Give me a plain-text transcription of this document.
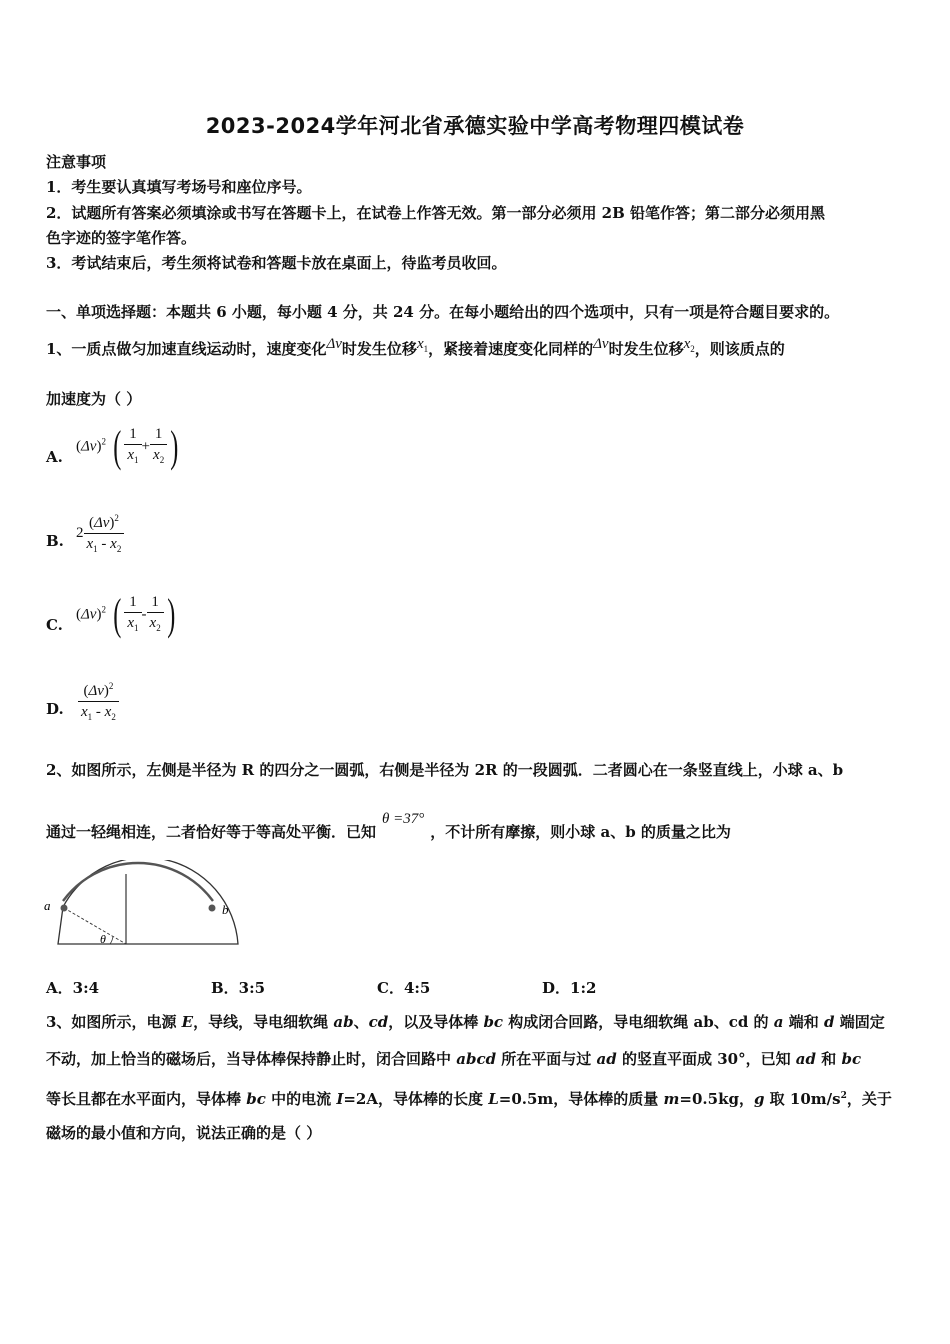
2023-2024学年河北省承德实验中学高考物理四模试卷
注意事项
1．考生要认真填写考场号和座位序号。
2．试题所有答案必须填涂或书写在答题卡上，在试卷上作答无效。第一部分必须用 2B 铅笔作答；第二部分必须用黑
色字迹的签字笔作答。
3．考试结束后，考生须将试卷和答题卡放在桌面上，待监考员收回。
一、单项选择题：本题共 6 小题，每小题 4 分，共 24 分。在每小题给出的四个选项中，只有一项是符合题目要求的。
1、一质点做匀加速直线运动时，速度变化Δv时发生位移$x_1$，紧接着速度变化同样的Δv时发生位移$x_2$，则该质点的
加速度为（ ）
A.
$(\Delta v)^2$ ( $\frac{1}{x_1} + \frac{1}{x_2}$ )
B. $2 \frac{(\Delta v)^2}{x_1 - x_2}$
C.
$(\Delta v)^2$ ( $\frac{1}{x_1} - \frac{1}{x_2}$ )
D. $\frac{(\Delta v)^2}{x_1 - x_2}$
2、如图所示，左侧是半径为 R 的四分之一圆弧，右侧是半径为 2R 的一段圆弧．二者圆心在一条竖直线上，小球 a、b
通过一轻绳相连，二者恰好等于等高处平衡．已知θ =37°，不计所有摩擦，则小球 a、b 的质量之比为
a	b
θ
A．3:4	B．3:5	C．4:5	D．1:2
3、如图所示，电源 E，导线，导电细软绳 ab、cd，以及导体棒 bc 构成闭合回路，导电细软绳 ab、cd 的 a 端和 d 端固定
不动，加上恰当的磁场后，当导体棒保持静止时，闭合回路中 abcd 所在平面与过 ad 的竖直平面成 30°，已知 ad 和 bc
等长且都在水平面内，导体棒 bc 中的电流 I=2A，导体棒的长度 L=0.5m，导体棒的质量 m=0.5kg，g 取 $10m/s^2$，关于
磁场的最小值和方向，说法正确的是（ ）
